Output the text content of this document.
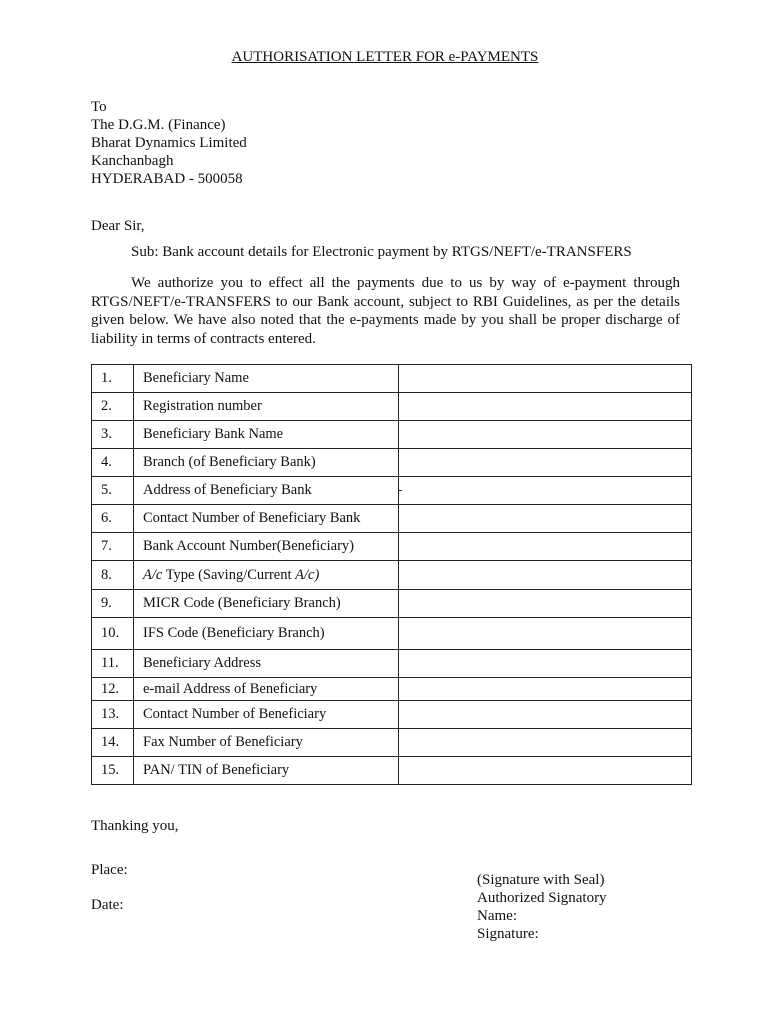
AUTHORISATION LETTER FOR e-PAYMENTS
To
The D.G.M. (Finance)
Bharat Dynamics Limited
Kanchanbagh
HYDERABAD - 500058
Dear Sir,
Sub: Bank account details for Electronic payment by RTGS/NEFT/e-TRANSFERS
We authorize you to effect all the payments due to us by way of e-payment through
RTGS/NEFT/e-TRANSFERS to our Bank account, subject to RBI Guidelines, as per the details
given below. We have also noted that the e-payments made by you shall be proper discharge of
liability in terms of contracts entered.
1.	Beneficiary Name	
2.	Registration number	
3.	Beneficiary Bank Name	
4.	Branch (of Beneficiary Bank)	
5.	Address of Beneficiary Bank	
6.	Contact Number of Beneficiary Bank	
7.	Bank Account Number(Beneficiary)	
8.	A/c Type (Saving/Current A/c)	
9.	MICR Code (Beneficiary Branch)	
10.	IFS Code (Beneficiary Branch)	
11.	Beneficiary Address	
12.	e-mail Address of Beneficiary	
13.	Contact Number of Beneficiary	
14.	Fax Number of Beneficiary	
15.	PAN/ TIN of Beneficiary	
Thanking you,
Place:
Date:
(Signature with Seal)
Authorized Signatory
Name:
Signature:
